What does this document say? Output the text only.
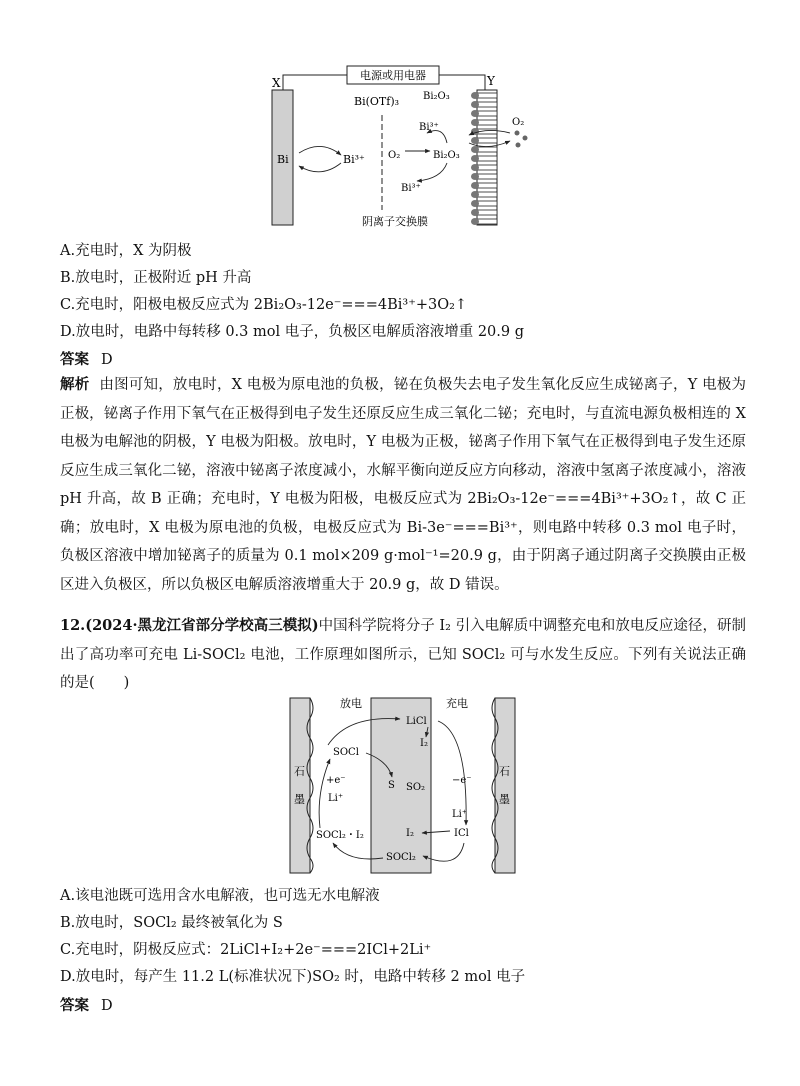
电源或用电器
X	Y
阴离子交换膜
Bi(OTf)₃
Bi	Bi³⁺
Bi₂O₃
Bi³⁺
O₂	Bi₂O₃
Bi³⁺
O₂
A.充电时，X 为阴极
B.放电时，正极附近 pH 升高
C.充电时，阳极电极反应式为 2Bi₂O₃-12e⁻===4Bi³⁺+3O₂↑
D.放电时，电路中每转移 0.3 mol 电子，负极区电解质溶液增重 20.9 g
答案 D
解析 由图可知，放电时，X 电极为原电池的负极，铋在负极失去电子发生氧化反应生成铋离子，Y 电极为正极，铋离子作用下氧气在正极得到电子发生还原反应生成三氧化二铋；充电时，与直流电源负极相连的 X 电极为电解池的阴极，Y 电极为阳极。放电时，Y 电极为正极，铋离子作用下氧气在正极得到电子发生还原反应生成三氧化二铋，溶液中铋离子浓度减小，水解平衡向逆反应方向移动，溶液中氢离子浓度减小，溶液 pH 升高，故 B 正确；充电时，Y 电极为阳极，电极反应式为 2Bi₂O₃-12e⁻===4Bi³⁺+3O₂↑，故 C 正确；放电时，X 电极为原电池的负极，电极反应式为 Bi-3e⁻===Bi³⁺，则电路中转移 0.3 mol 电子时，负极区溶液中增加铋离子的质量为 0.1 mol×209 g·mol⁻¹=20.9 g，由于阴离子通过阴离子交换膜由正极区进入负极区，所以负极区电解质溶液增重大于 20.9 g，故 D 错误。
12.(2024·黑龙江省部分学校高三模拟)中国科学院将分子 I₂ 引入电解质中调整充电和放电反应途径，研制出了高功率可充电 Li-SOCl₂ 电池，工作原理如图所示，已知 SOCl₂ 可与水发生反应。下列有关说法正确的是(　　)
石
墨
石
墨
放电	充电
LiCl
I₂
SOCl
+e⁻
Li⁺
S SO₂
−e⁻
Li⁺
I₂	ICl
SOCl₂・I₂
SOCl₂
A.该电池既可选用含水电解液，也可选无水电解液
B.放电时，SOCl₂ 最终被氧化为 S
C.充电时，阴极反应式：2LiCl+I₂+2e⁻===2ICl+2Li⁺
D.放电时，每产生 11.2 L(标准状况下)SO₂ 时，电路中转移 2 mol 电子
答案 D
